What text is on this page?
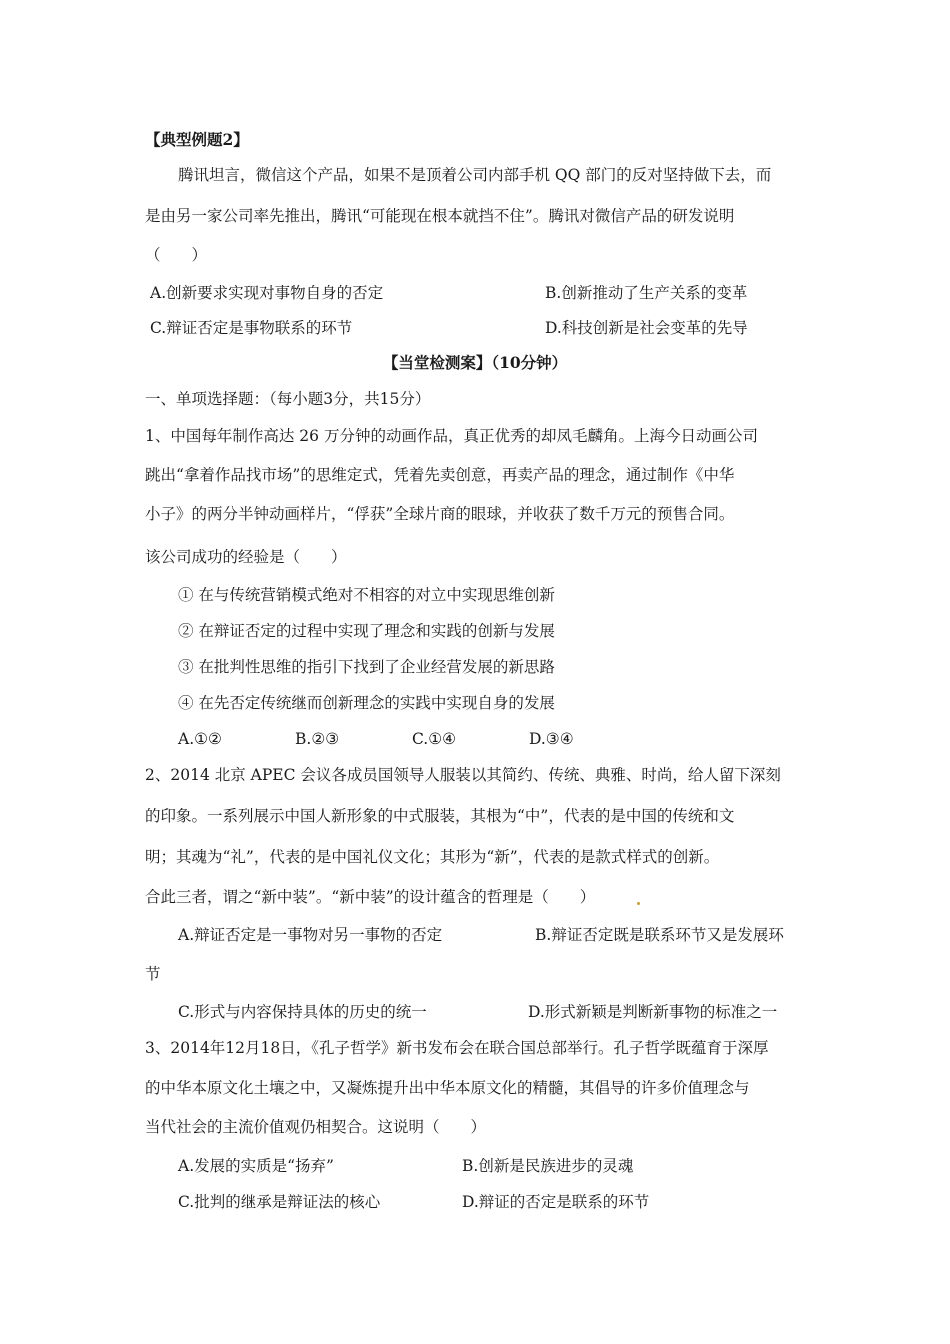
【典型例题2】
腾讯坦言，微信这个产品，如果不是顶着公司内部手机 QQ 部门的反对坚持做下去，而
是由另一家公司率先推出，腾讯“可能现在根本就挡不住”。腾讯对微信产品的研发说明
（　　）
A.创新要求实现对事物自身的否定	B.创新推动了生产关系的变革
C.辩证否定是事物联系的环节	D.科技创新是社会变革的先导
【当堂检测案】（10分钟）
一、单项选择题：（每小题3分，共15分）
1、中国每年制作高达 26 万分钟的动画作品，真正优秀的却凤毛麟角。上海今日动画公司
跳出“拿着作品找市场”的思维定式，凭着先卖创意，再卖产品的理念，通过制作《中华
小子》的两分半钟动画样片，“俘获”全球片商的眼球，并收获了数千万元的预售合同。
该公司成功的经验是（　　）
① 在与传统营销模式绝对不相容的对立中实现思维创新
② 在辩证否定的过程中实现了理念和实践的创新与发展
③ 在批判性思维的指引下找到了企业经营发展的新思路
④ 在先否定传统继而创新理念的实践中实现自身的发展
A.①②	B.②③	C.①④	D.③④
2、2014 北京 APEC 会议各成员国领导人服装以其简约、传统、典雅、时尚，给人留下深刻
的印象。一系列展示中国人新形象的中式服装，其根为“中”，代表的是中国的传统和文
明；其魂为“礼”，代表的是中国礼仪文化；其形为“新”，代表的是款式样式的创新。
合此三者，谓之“新中装”。“新中装”的设计蕴含的哲理是（　　）
A.辩证否定是一事物对另一事物的否定	B.辩证否定既是联系环节又是发展环
节
C.形式与内容保持具体的历史的统一	D.形式新颖是判断新事物的标准之一
3、2014年12月18日，《孔子哲学》新书发布会在联合国总部举行。孔子哲学既蕴育于深厚
的中华本原文化土壤之中，又凝炼提升出中华本原文化的精髓，其倡导的许多价值理念与
当代社会的主流价值观仍相契合。这说明（　　）
A.发展的实质是“扬弃”	B.创新是民族进步的灵魂
C.批判的继承是辩证法的核心	D.辩证的否定是联系的环节
